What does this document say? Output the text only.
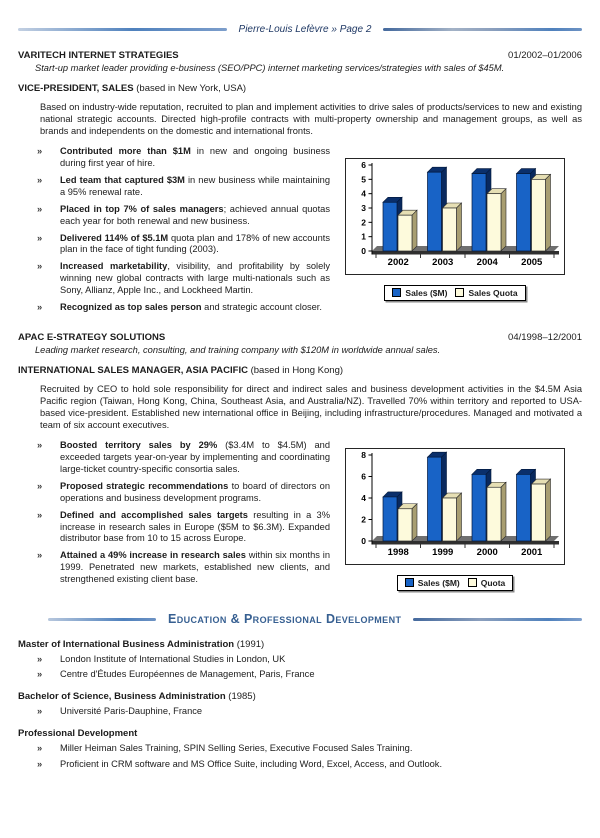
Pierre-Louis Lefèvre » Page 2
VARITECH INTERNET STRATEGIES	01/2002–01/2006
Start-up market leader providing e-business (SEO/PPC) internet marketing services/strategies with sales of $45M.
VICE-PRESIDENT, SALES (based in New York, USA)

Based on industry-wide reputation, recruited to plan and implement activities to drive sales of products/services to new and existing national strategic accounts. Directed high-profile contracts with multi-property ownership and management groups, as well as brands and independents on the domestic and international fronts.

»	Contributed more than $1M in new and ongoing business during first year of hire.
»	Led team that captured $3M in new business while maintaining a 95% renewal rate.
»	Placed in top 7% of sales managers; achieved annual quotas each year for both renewal and new business.
»	Delivered 114% of $5.1M quota plan and 178% of new accounts plan in the face of tight funding (2003).
»	Increased marketability, visibility, and profitability by solely winning new global contracts with large multi-nationals such as Sony, Allianz, Apple Inc., and Lockheed Martin.
»	Recognized as top sales person and strategic account closer.
0
1
2
3
4
5
6
2002 2003 2004 2005
Sales ($M) Sales Quota
APAC E-STRATEGY SOLUTIONS	04/1998–12/2001
Leading market research, consulting, and training company with $120M in worldwide annual sales.
INTERNATIONAL SALES MANAGER, ASIA PACIFIC (based in Hong Kong)

Recruited by CEO to hold sole responsibility for direct and indirect sales and business development activities in the $4.5M Asia Pacific region (Taiwan, Hong Kong, China, Southeast Asia, and Australia/NZ). Travelled 70% within territory and reported to USA-based vice-president. Established new international office in Beijing, including infrastructure/procedures. Managed and motivated a team of six account executives.

»	Boosted territory sales by 29% ($3.4M to $4.5M) and exceeded targets year-on-year by implementing and coordinating large-ticket country-specific consortia sales.
»	Proposed strategic recommendations to board of directors on operations and business development programs.
»	Defined and accomplished sales targets resulting in a 3% increase in research sales in Europe ($5M to $6.3M). Expanded distributor base from 10 to 15 across Europe.
»	Attained a 49% increase in research sales within six months in 1999. Penetrated new markets, established new clients, and strengthened existing client base.
0
2
4
6
8
1998 1999 2000 2001
Sales ($M) Quota
Education & Professional Development
Master of International Business Administration (1991)
»	London Institute of International Studies in London, UK
»	Centre d'Études Européennes de Management, Paris, France
Bachelor of Science, Business Administration (1985)
»	Université Paris-Dauphine, France
Professional Development
»	Miller Heiman Sales Training, SPIN Selling Series, Executive Focused Sales Training.
»	Proficient in CRM software and MS Office Suite, including Word, Excel, Access, and Outlook.
